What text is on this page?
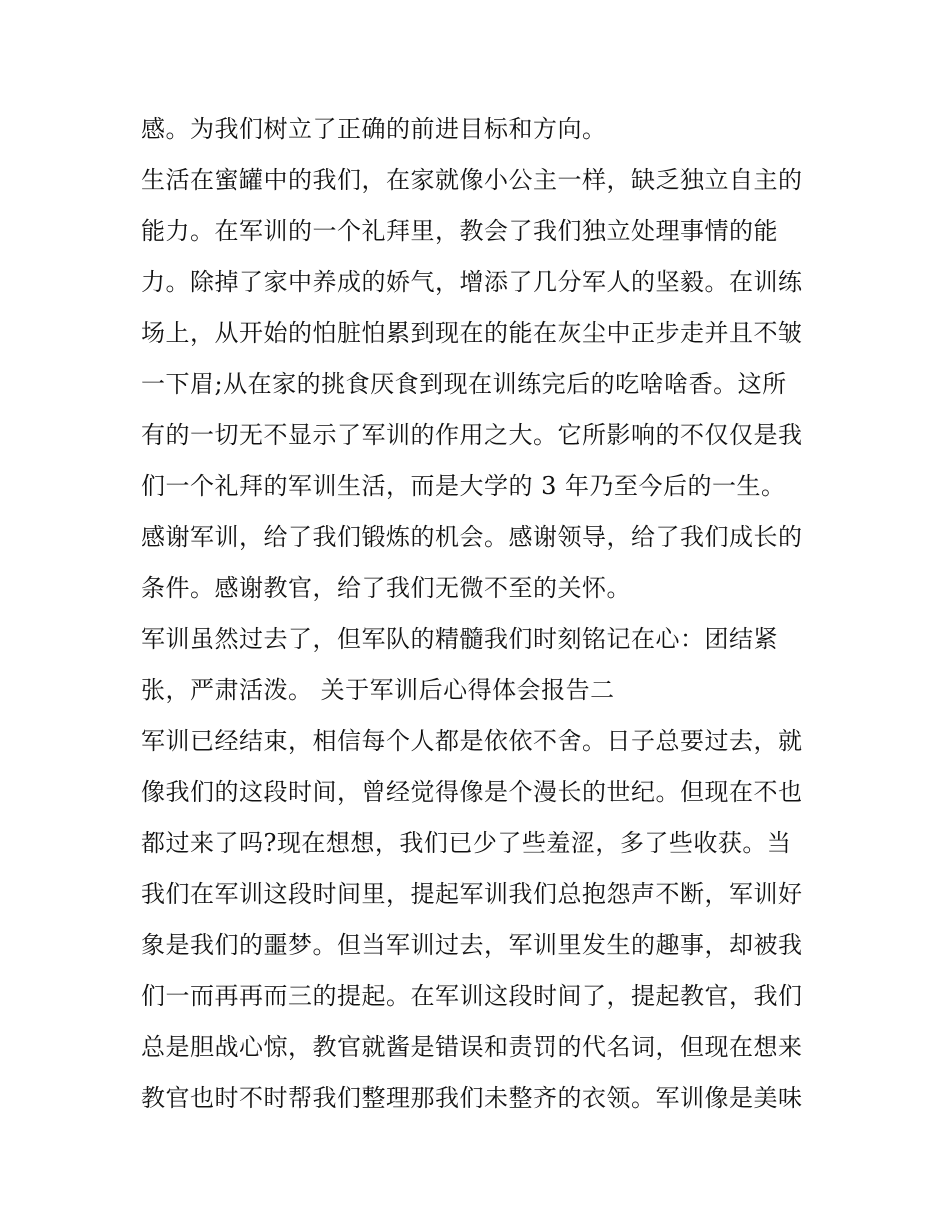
感。为我们树立了正确的前进目标和方向。

生活在蜜罐中的我们，在家就像小公主一样，缺乏独立自主的

能力。在军训的一个礼拜里，教会了我们独立处理事情的能

力。除掉了家中养成的娇气，增添了几分军人的坚毅。在训练

场上，从开始的怕脏怕累到现在的能在灰尘中正步走并且不皱

一下眉;从在家的挑食厌食到现在训练完后的吃啥啥香。这所

有的一切无不显示了军训的作用之大。它所影响的不仅仅是我

们一个礼拜的军训生活，而是大学的 3 年乃至今后的一生。

感谢军训，给了我们锻炼的机会。感谢领导，给了我们成长的

条件。感谢教官，给了我们无微不至的关怀。

军训虽然过去了，但军队的精髓我们时刻铭记在心：团结紧

张，严肃活泼。 关于军训后心得体会报告二

军训已经结束，相信每个人都是依依不舍。日子总要过去，就

像我们的这段时间，曾经觉得像是个漫长的世纪。但现在不也

都过来了吗?现在想想，我们已少了些羞涩，多了些收获。当

我们在军训这段时间里，提起军训我们总抱怨声不断，军训好

象是我们的噩梦。但当军训过去，军训里发生的趣事，却被我

们一而再再而三的提起。在军训这段时间了，提起教官，我们

总是胆战心惊，教官就酱是错误和责罚的代名词，但现在想来

教官也时不时帮我们整理那我们未整齐的衣领。军训像是美味
